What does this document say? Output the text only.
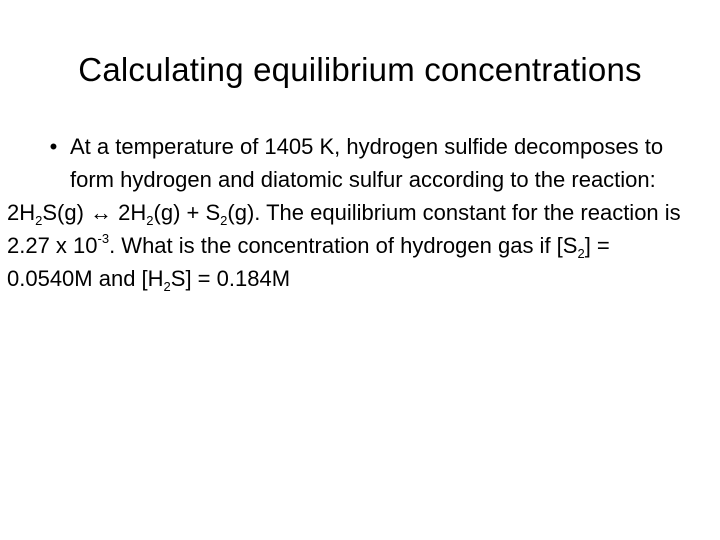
Calculating equilibrium concentrations
• At a temperature of 1405 K, hydrogen sulfide decomposes to form hydrogen and diatomic sulfur according to the reaction:
$2H_2S(g)$ ↔ $2H_2(g) + S_2(g)$. The equilibrium constant for the reaction is 2.27 x $10^{-3}$. What is the concentration of hydrogen gas if $[S_2] = 0.0540M$ and $[H_2S] = 0.184M$
